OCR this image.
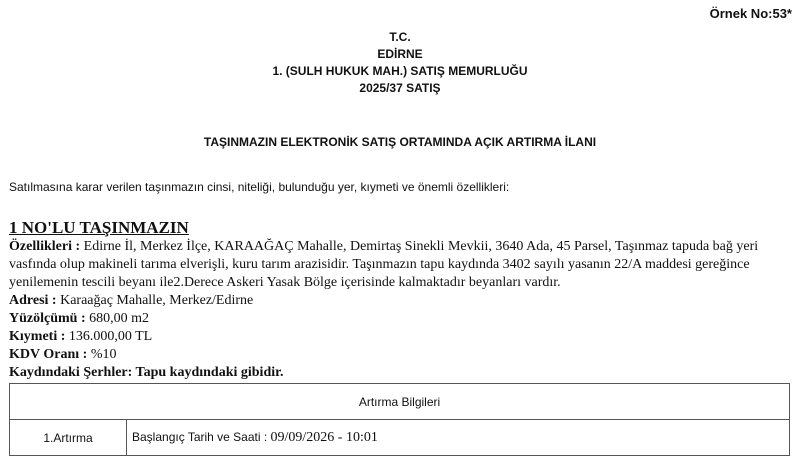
Örnek No:53*
T.C.
EDİRNE
1. (SULH HUKUK MAH.) SATIŞ MEMURLUĞU
2025/37 SATIŞ
TAŞINMAZIN ELEKTRONİK SATIŞ ORTAMINDA AÇIK ARTIRMA İLANI
Satılmasına karar verilen taşınmazın cinsi, niteliği, bulunduğu yer, kıymeti ve önemli özellikleri:
1 NO'LU TAŞINMAZIN
Özellikleri : Edirne İl, Merkez İlçe, KARAAĞAÇ Mahalle, Demirtaş Sinekli Mevkii, 3640 Ada, 45 Parsel, Taşınmaz tapuda bağ yeri vasfında olup makineli tarıma elverişli, kuru tarım arazisidir. Taşınmazın tapu kaydında 3402 sayılı yasanın 22/A maddesi gereğince yenilemenin tescili beyanı ile2.Derece Askeri Yasak Bölge içerisinde kalmaktadır beyanları vardır.
Adresi : Karaağaç Mahalle, Merkez/Edirne
Yüzölçümü : 680,00 m2
Kıymeti : 136.000,00 TL
KDV Oranı : %10
Kaydındaki Şerhler: Tapu kaydındaki gibidir.
Artırma Bilgileri
1.Artırma	Başlangıç Tarih ve Saati : 09/09/2026 - 10:01
